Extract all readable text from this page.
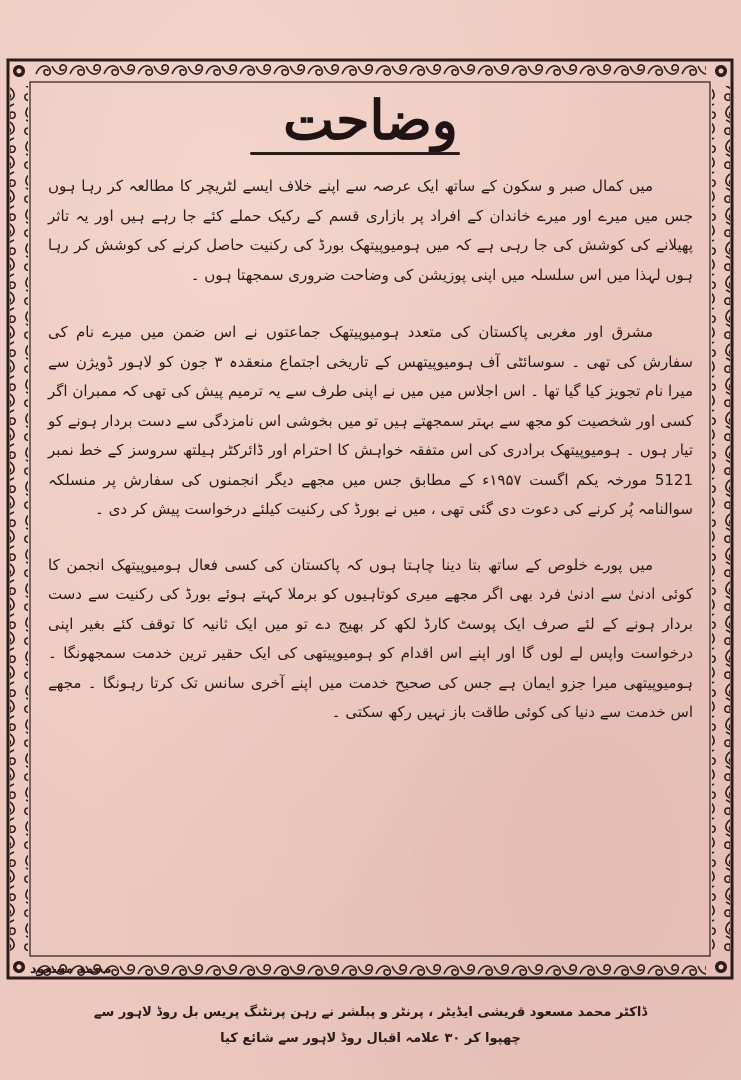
وضاحت

میں کمال صبر و سکون کے ساتھ ایک عرصہ سے اپنے خلاف ایسے لٹریچر کا مطالعہ کر رہا ہوں جس میں میرے اور میرے خاندان کے افراد پر بازاری قسم کے رکیک حملے کئے جا رہے ہیں اور یہ تاثر پھیلانے کی کوشش کی جا رہی ہے کہ میں ہومیوپیتھک بورڈ کی رکنیت حاصل کرنے کی کوشش کر رہا ہوں لہذا میں اس سلسلہ میں اپنی پوزیشن کی وضاحت ضروری سمجھتا ہوں ۔

مشرق اور مغربی پاکستان کی متعدد ہومیوپیتھک جماعتوں نے اس ضمن میں میرے نام کی سفارش کی تھی ۔ سوسائٹی آف ہومیوپیتھس کے تاریخی اجتماع منعقدہ ۳ جون کو لاہور ڈویژن سے میرا نام تجویز کیا گیا تھا ۔ اس اجلاس میں میں نے اپنی طرف سے یہ ترمیم پیش کی تھی کہ ممبران اگر کسی اور شخصیت کو مجھ سے بہتر سمجھتے ہیں تو میں بخوشی اس نامزدگی سے دست بردار ہونے کو تیار ہوں ۔ ہومیوپیتھک برادری کی اس متفقہ خواہش کا احترام اور ڈائرکٹر ہیلتھ سروسز کے خط نمبر 5121 مورخہ یکم اگست ۱۹۵۷ء کے مطابق جس میں مجھے دیگر انجمنوں کی سفارش پر منسلکہ سوالنامہ پُر کرنے کی دعوت دی گئی تھی ، میں نے بورڈ کی رکنیت کیلئے درخواست پیش کر دی ۔

میں پورے خلوص کے ساتھ بتا دینا چاہتا ہوں کہ پاکستان کی کسی فعال ہومیوپیتھک انجمن کا کوئی ادنیٰ سے ادنیٰ فرد بھی اگر مجھے میری کوتاہیوں کو برملا کہتے ہوئے بورڈ کی رکنیت سے دست بردار ہونے کے لئے صرف ایک پوسٹ کارڈ لکھ کر بھیج دے تو میں ایک ثانیہ کا توقف کئے بغیر اپنی درخواست واپس لے لوں گا اور اپنے اس اقدام کو ہومیوپیتھی کی ایک حقیر ترین خدمت سمجھونگا ۔ ہومیوپیتھی میرا جزو ایمان ہے جس کی صحیح خدمت میں اپنے آخری سانس تک کرتا رہونگا ۔ مجھے اس خدمت سے دنیا کی کوئی طاقت باز نہیں رکھ سکتی ۔

محمد مسعود
ڈاکٹر محمد مسعود قریشی ایڈیٹر ، پرنٹر و پبلشر نے رہن پرنٹنگ پریس بل روڈ لاہور سے
چھپوا کر ۳۰ علامہ اقبال روڈ لاہور سے شائع کیا
